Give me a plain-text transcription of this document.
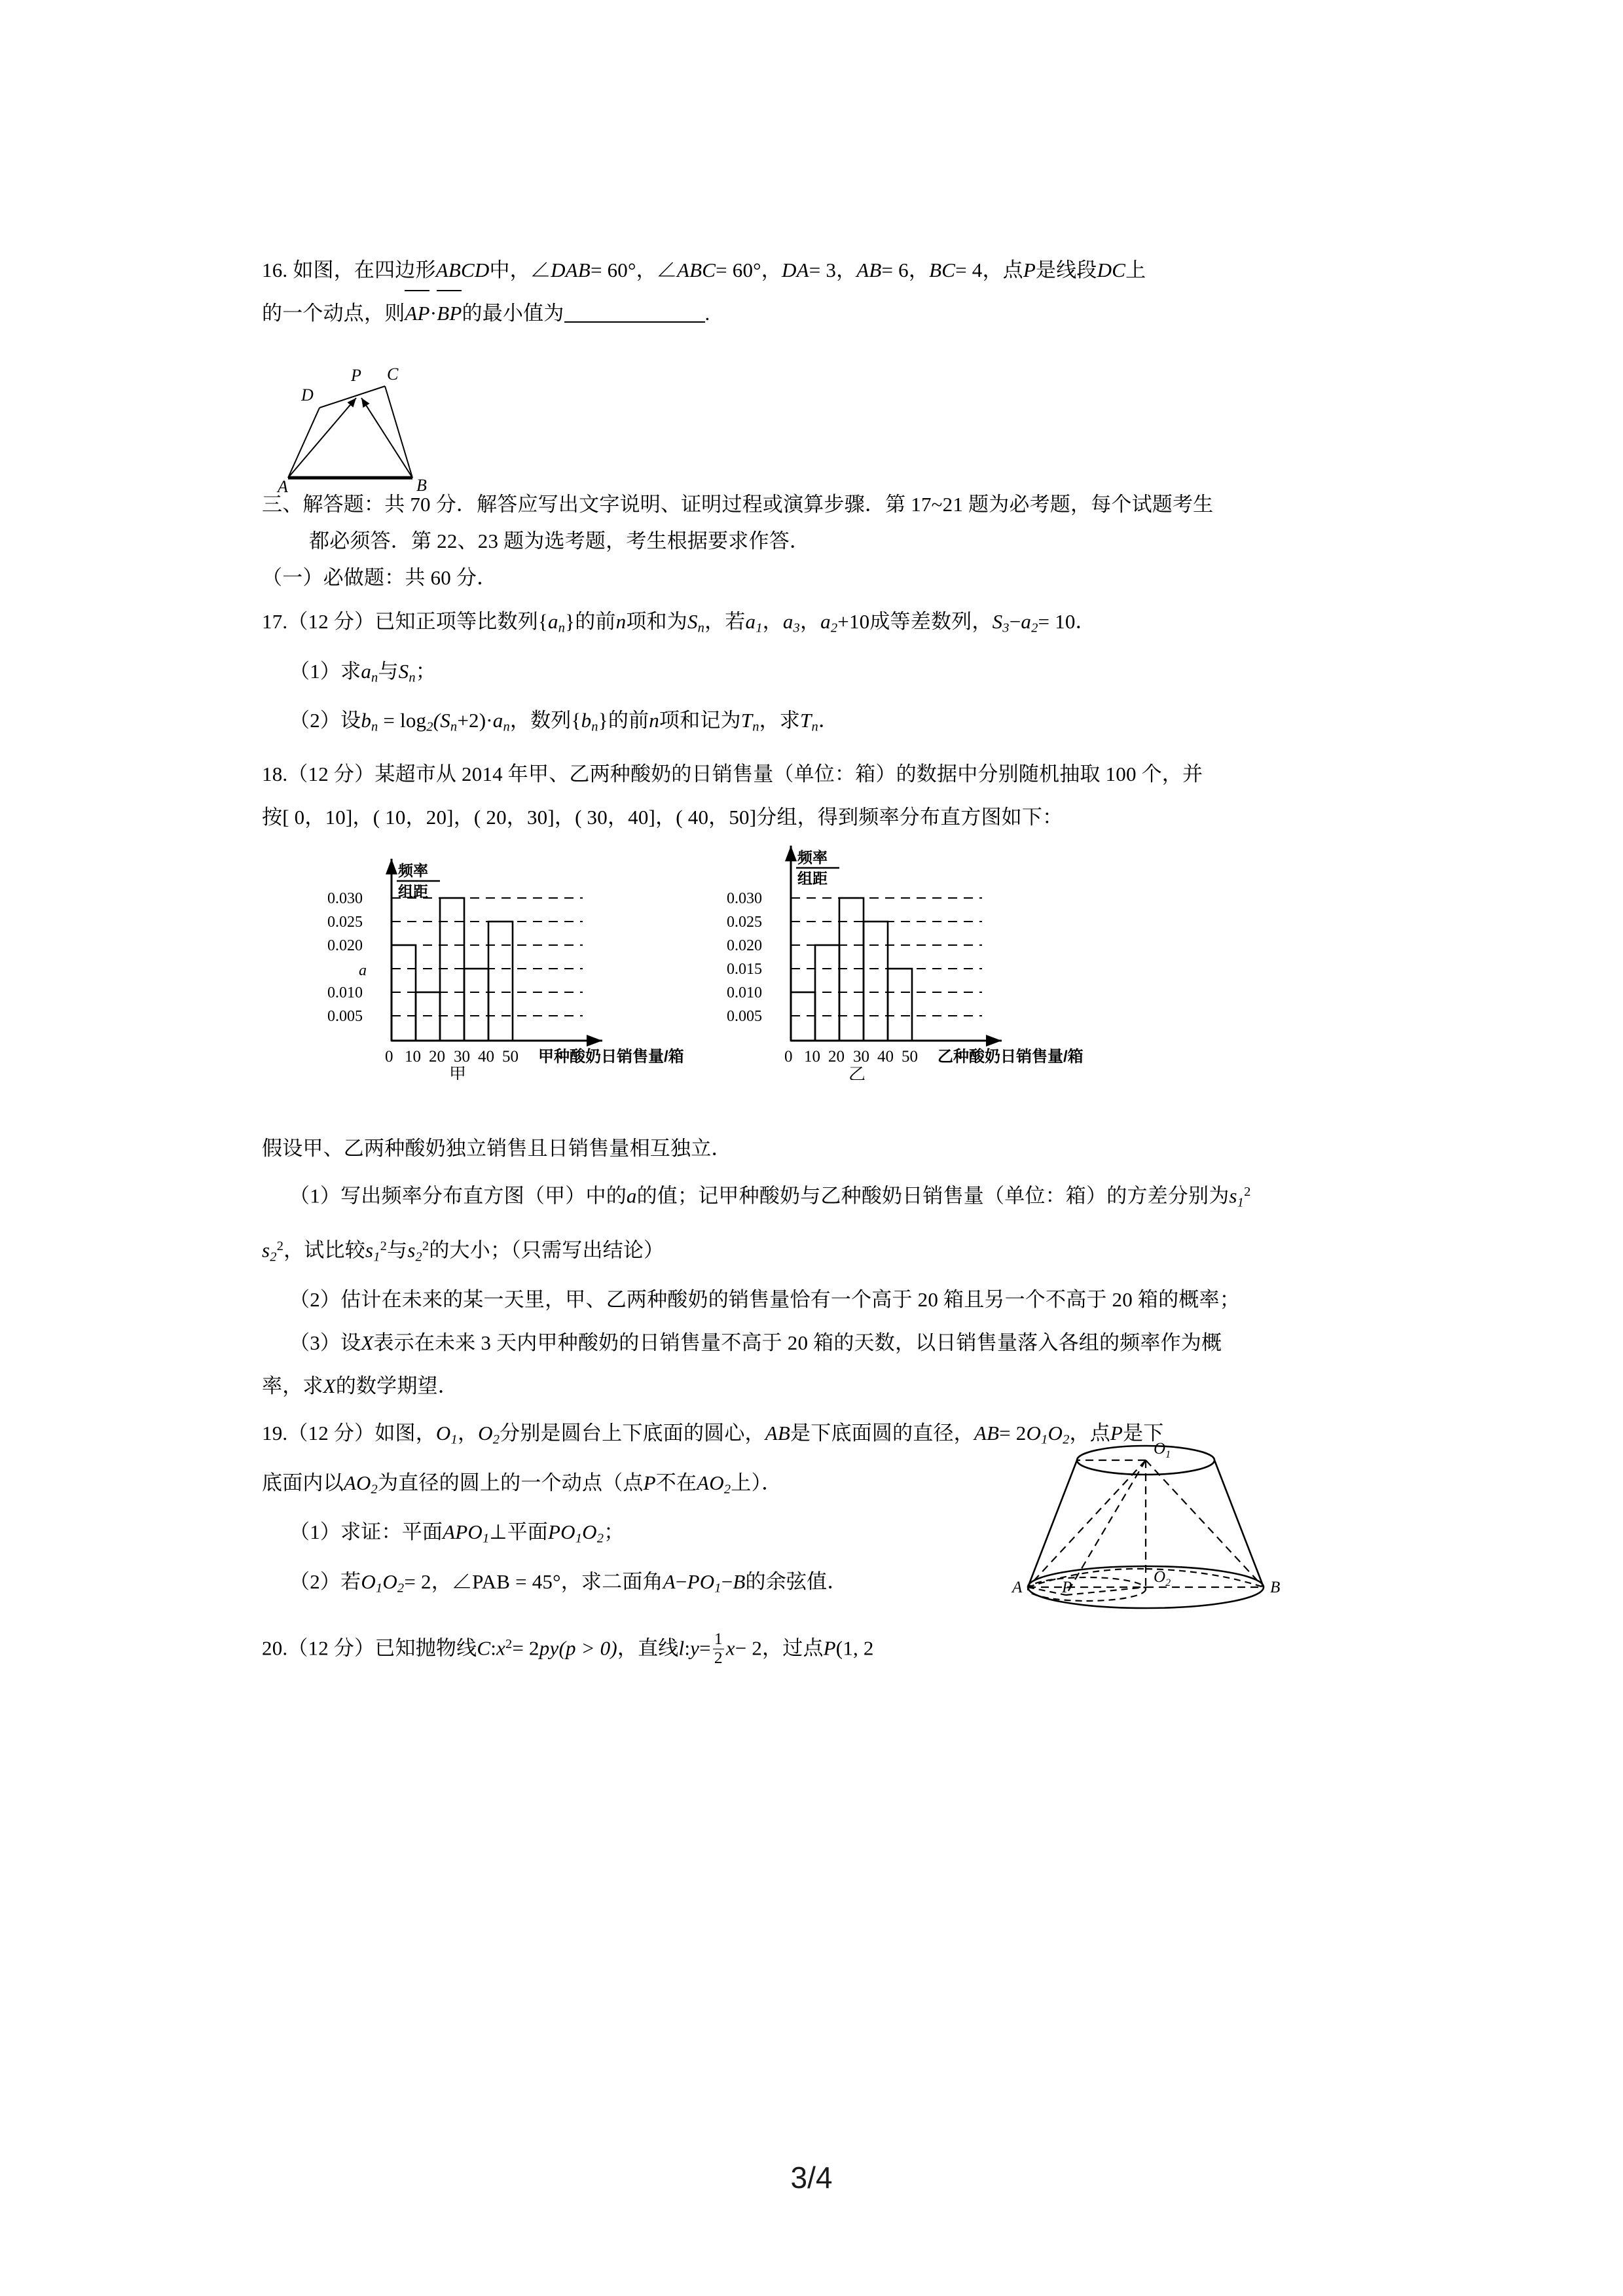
16. 如图，在四边形ABCD中，∠DAB= 60°，∠ABC= 60°，DA= 3，AB= 6，BC= 4，点P是线段DC上
的一个动点，则AP·BP的最小值为	.
三、解答题：共 70 分．解答应写出文字说明、证明过程或演算步骤．第 17~21 题为必考题，每个试题考生
都必须答．第 22、23 题为选考题，考生根据要求作答．
（一）必做题：共 60 分．
17.（12 分）已知正项等比数列$\{a_n\}$的前n项和为$S_n$，若$a_1$，$a_3$，$a_2+10$成等差数列，$S_3-a_2= 10$．
（1）求$a_n$与$S_n$；
（2）设$b_n = \log_2(S_n+2)\cdot a_n$，数列$\{b_n\}$的前n项和记为$T_n$，求$T_n$．
18.（12 分）某超市从 2014 年甲、乙两种酸奶的日销售量（单位：箱）的数据中分别随机抽取 100 个，并
按[ 0，10]，( 10，20]，( 20，30]，( 30，40]，( 40，50]分组，得到频率分布直方图如下：
假设甲、乙两种酸奶独立销售且日销售量相互独立．
（1）写出频率分布直方图（甲）中的a的值；记甲种酸奶与乙种酸奶日销售量（单位：箱）的方差分别为$s_1^2$
$s_2^2$，试比较$s_1^2$与$s_2^2$的大小；（只需写出结论）
（2）估计在未来的某一天里，甲、乙两种酸奶的销售量恰有一个高于 20 箱且另一个不高于 20 箱的概率；
（3）设X表示在未来 3 天内甲种酸奶的日销售量不高于 20 箱的天数，以日销售量落入各组的频率作为概
率，求X的数学期望．
19.（12 分）如图，$O_1$，$O_2$分别是圆台上下底面的圆心，AB是下底面圆的直径，$AB= 2O_1O_2$，点P是下
底面内以$AO_2$为直径的圆上的一个动点（点P不在$AO_2$上）．
（1）求证：平面$APO_1\perp$平面$PO_1O_2$；
（2）若$O_1O_2= 2$，∠PAB = 45°，求二面角$A-PO_1-B$的余弦值．
20.（12 分）已知抛物线$C:x^2= 2py(p > 0)$，直线l:y= $\frac{1}{2} x- 2$，过点P(1, 2
A	B
C
D
P
频率
组距
0.030
0.025
0.020
a
0.010
0.005
0 10 20 30 40 50 甲种酸奶日销售量/箱
甲
频率
组距
0.030
0.025
0.020
0.015
0.010
0.005
0 10 20 30 40 50 乙种酸奶日销售量/箱
乙
$O_1$
$O_2$
A	B
P
3/4
